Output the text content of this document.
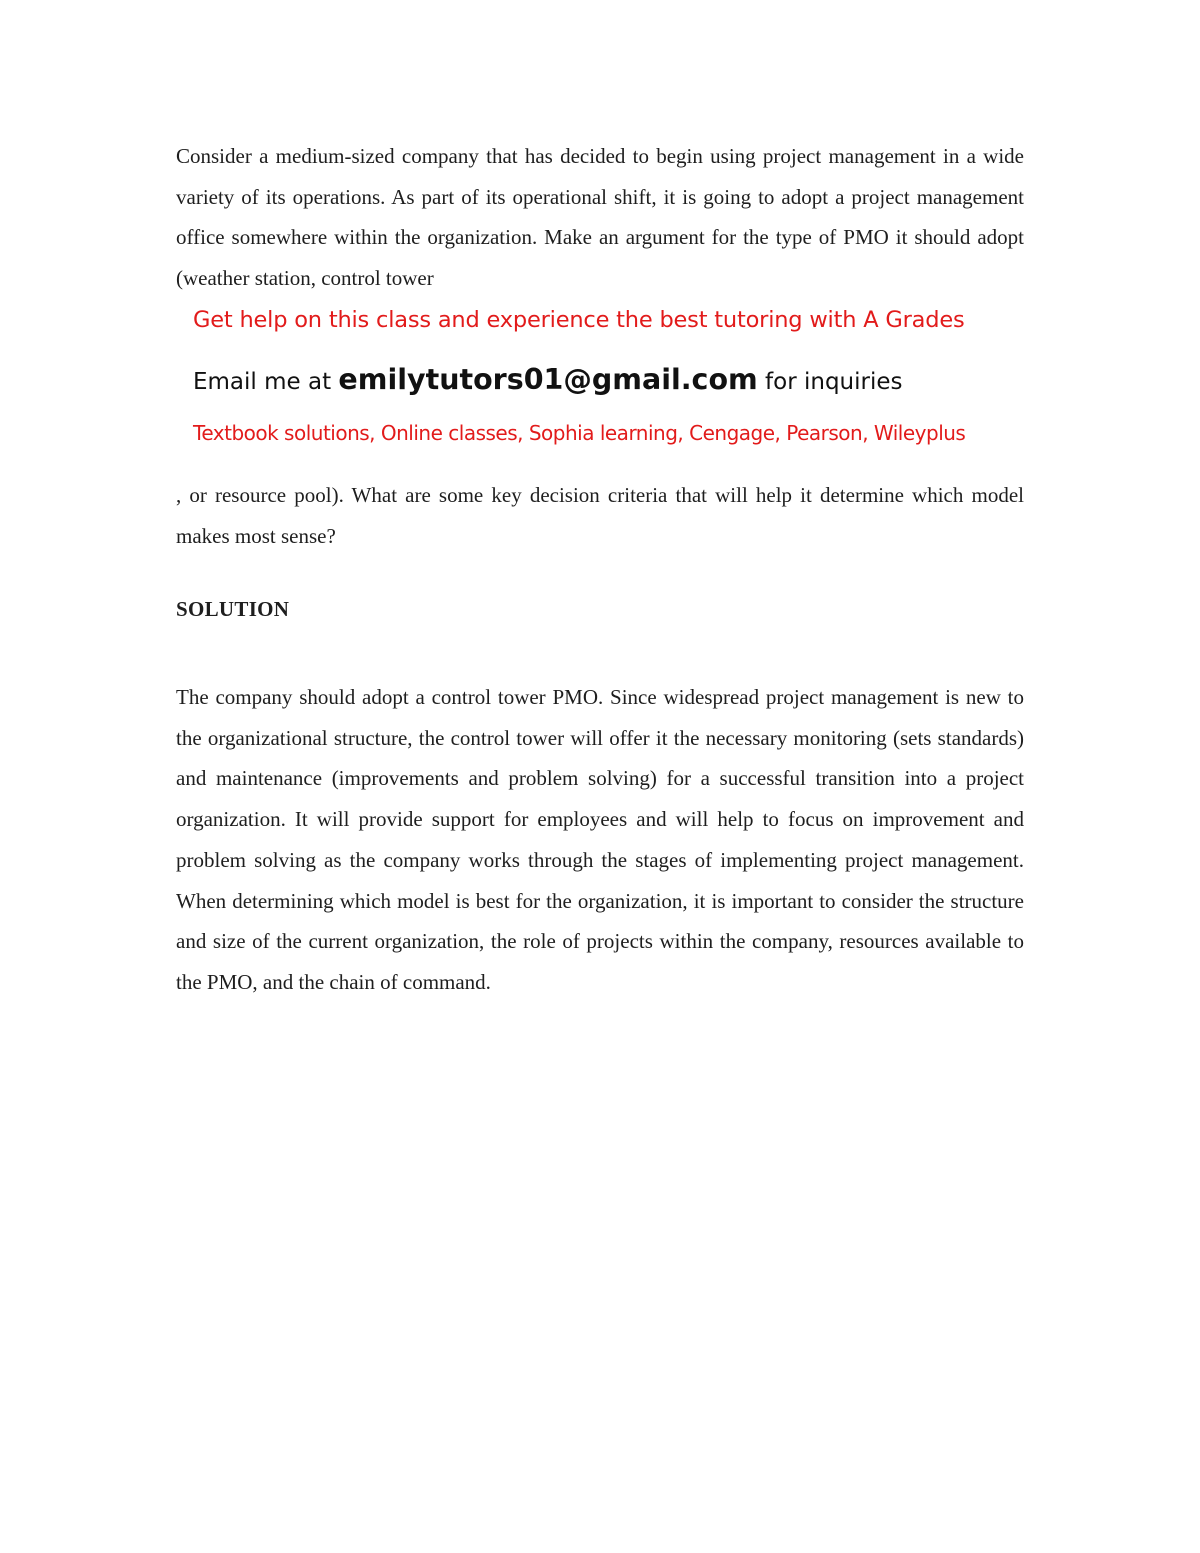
Consider a medium-sized company that has decided to begin using project management in a wide variety of its operations. As part of its operational shift, it is going to adopt a project management office somewhere within the organization. Make an argument for the type of PMO it should adopt (weather station, control tower

Get help on this class and experience the best tutoring with A Grades
Email me at emilytutors01@gmail.com for inquiries
Textbook solutions, Online classes, Sophia learning, Cengage, Pearson, Wileyplus

, or resource pool). What are some key decision criteria that will help it determine which model makes most sense?

SOLUTION

The company should adopt a control tower PMO. Since widespread project management is new to the organizational structure, the control tower will offer it the necessary monitoring (sets standards) and maintenance (improvements and problem solving) for a successful transition into a project organization. It will provide support for employees and will help to focus on improvement and problem solving as the company works through the stages of implementing project management. When determining which model is best for the organization, it is important to consider the structure and size of the current organization, the role of projects within the company, resources available to the PMO, and the chain of command.
